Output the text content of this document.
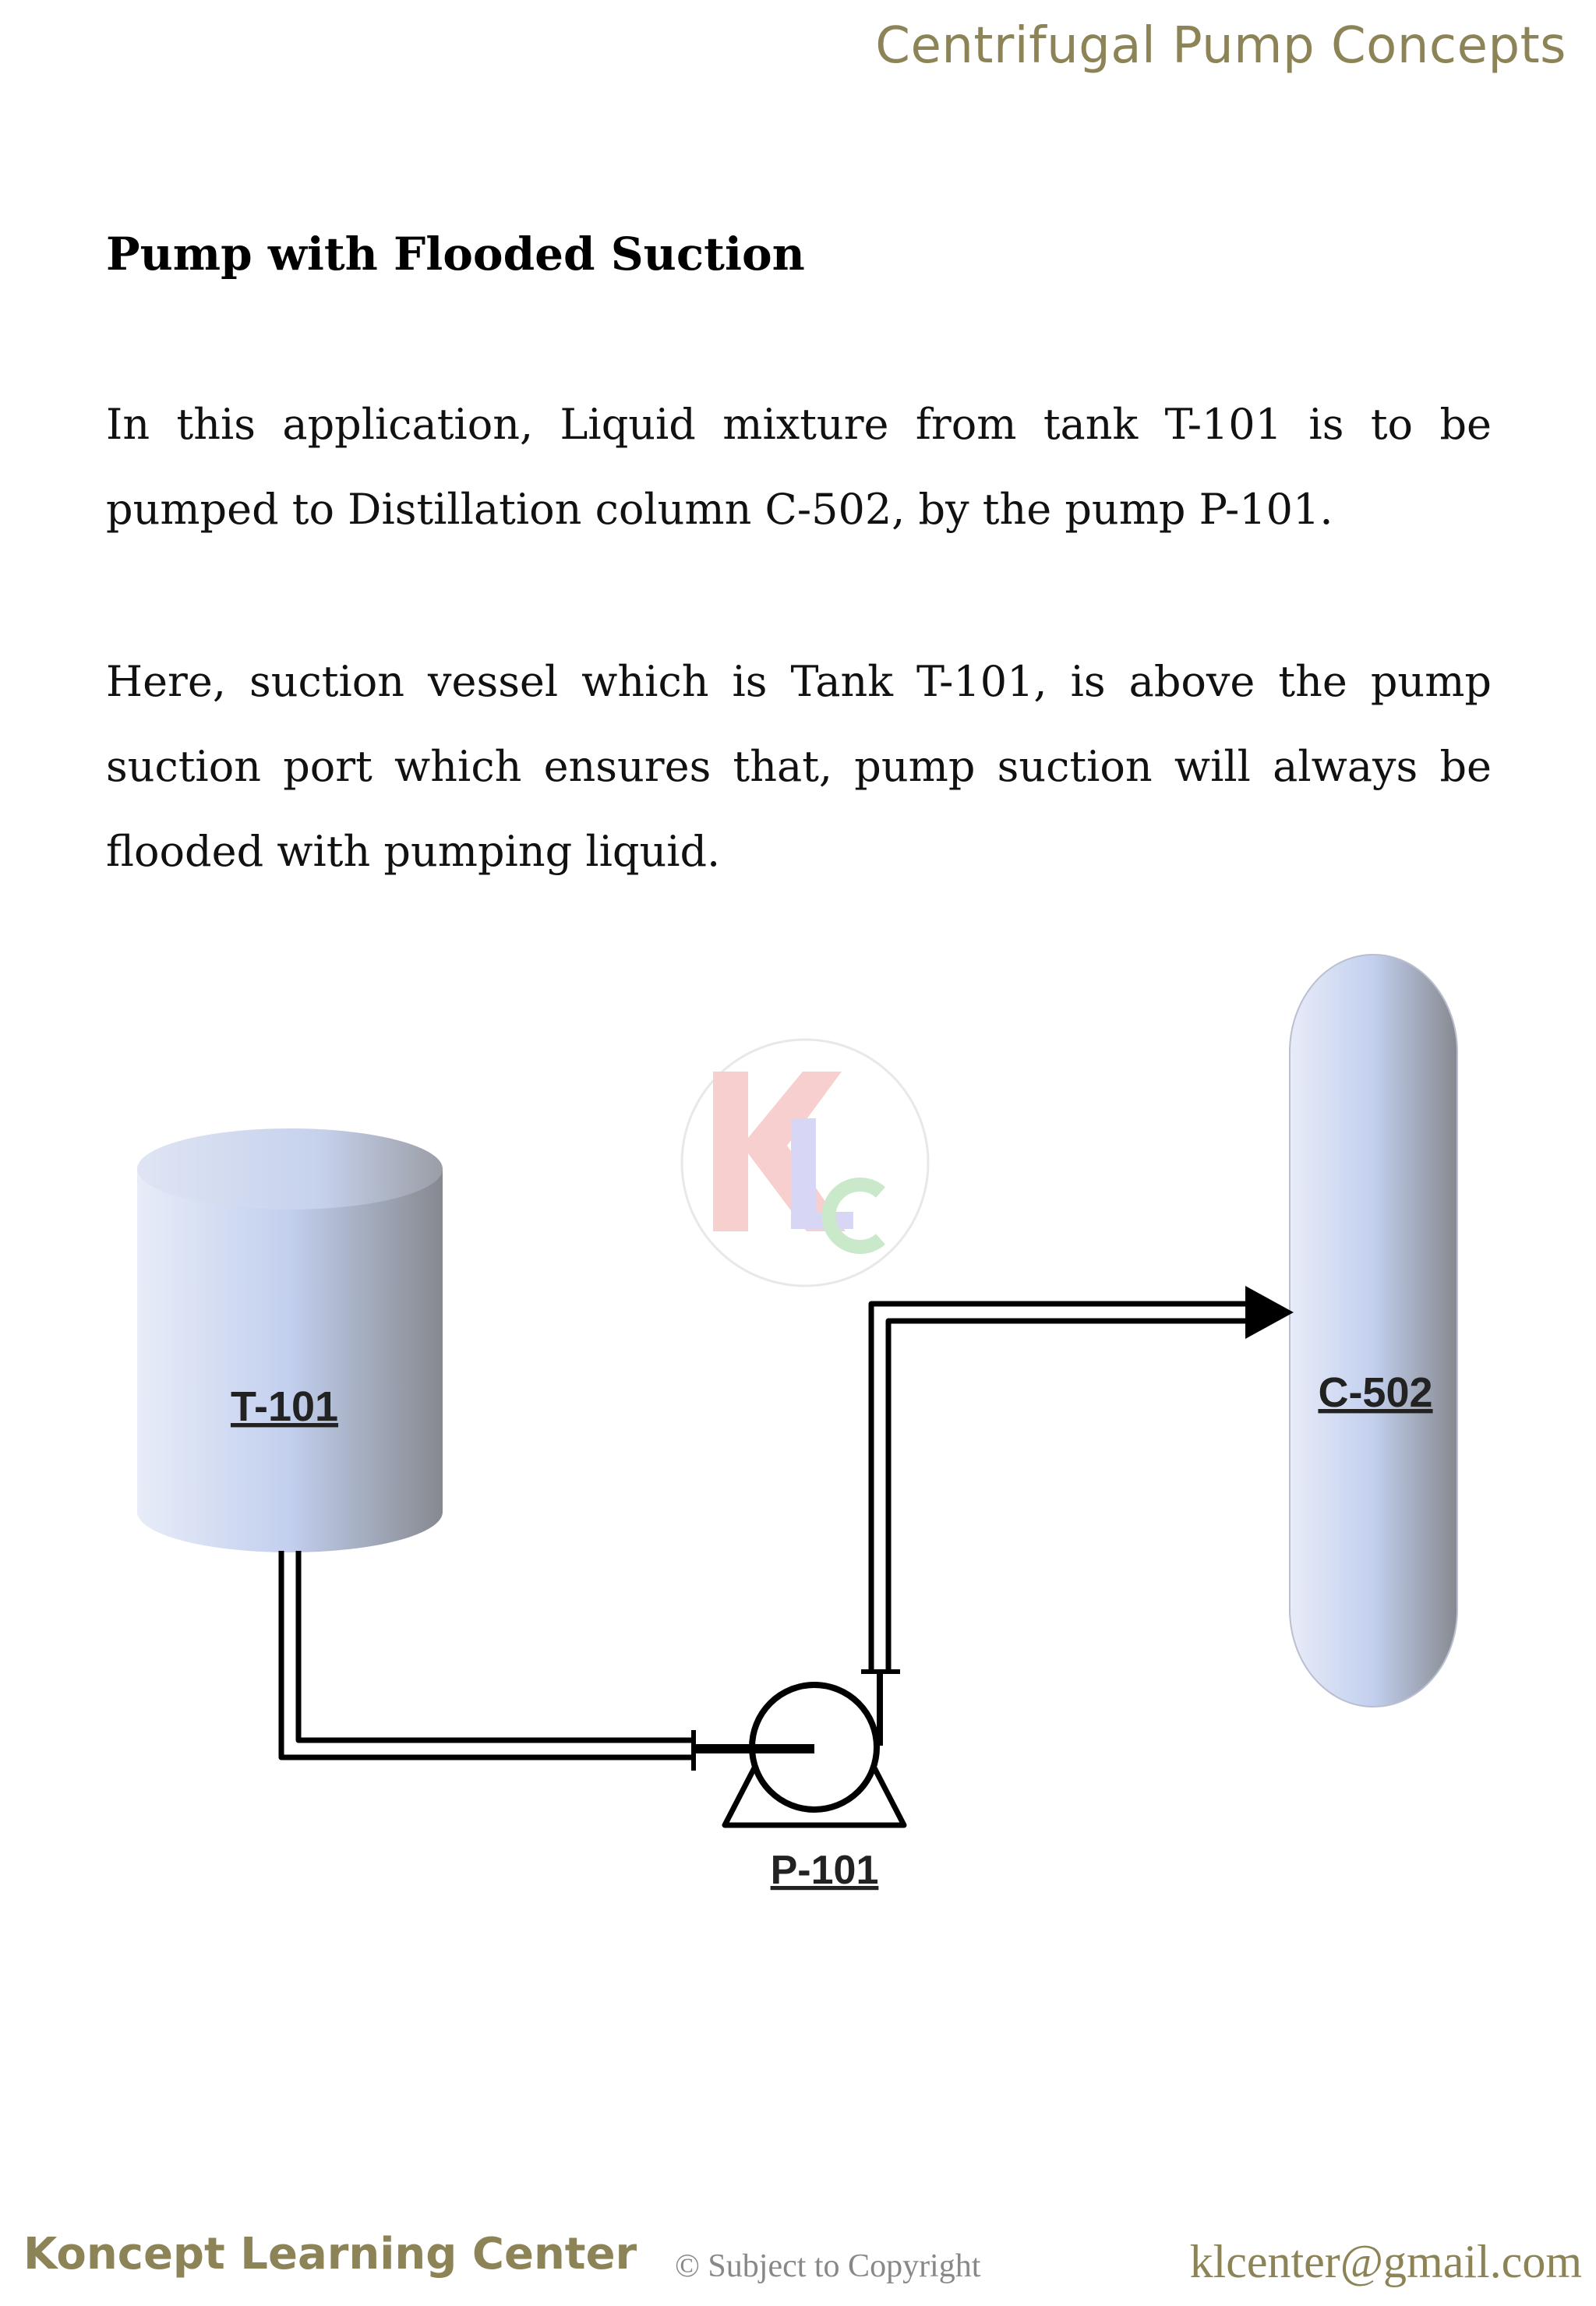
Centrifugal Pump Concepts
Pump with Flooded Suction

In this application, Liquid mixture from tank T-101 is to be pumped to Distillation column C-502, by the pump P-101.

Here, suction vessel which is Tank T-101, is above the pump suction port which ensures that, pump suction will always be flooded with pumping liquid.

T-101	C-502
P-101
Koncept Learning Center © Subject to Copyright	klcenter@gmail.com
